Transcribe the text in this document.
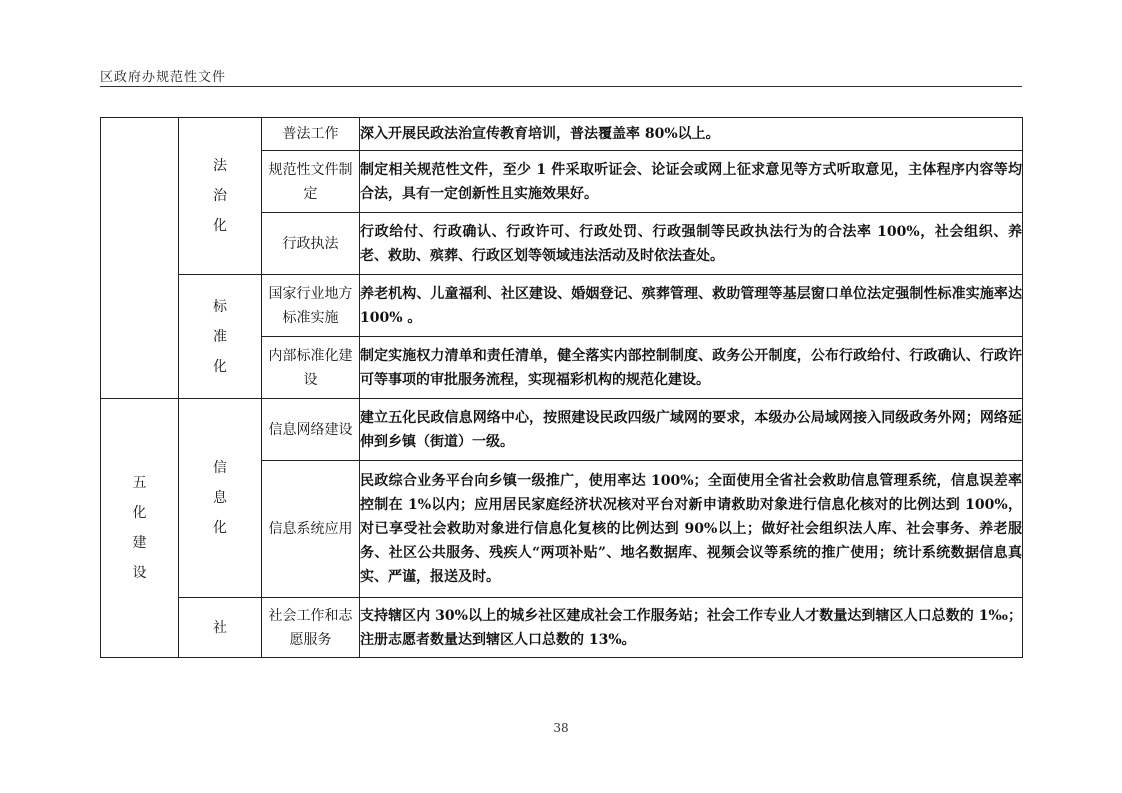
区政府办规范性文件
	法治化	普法工作	深入开展民政法治宣传教育培训，普法覆盖率 80%以上。
		规范性文件制定	制定相关规范性文件，至少 1 件采取听证会、论证会或网上征求意见等方式听取意见，主体程序内容等均合法，具有一定创新性且实施效果好。
		行政执法	行政给付、行政确认、行政许可、行政处罚、行政强制等民政执法行为的合法率 100%，社会组织、养老、救助、殡葬、行政区划等领域违法活动及时依法查处。
	标准化	国家行业地方标准实施	养老机构、儿童福利、社区建设、婚姻登记、殡葬管理、救助管理等基层窗口单位法定强制性标准实施率达 100% 。
		内部标准化建设	制定实施权力清单和责任清单，健全落实内部控制制度、政务公开制度，公布行政给付、行政确认、行政许可等事项的审批服务流程，实现福彩机构的规范化建设。
五化建设	信息化	信息网络建设	建立五化民政信息网络中心，按照建设民政四级广域网的要求，本级办公局域网接入同级政务外网；网络延伸到乡镇（街道）一级。
		信息系统应用	民政综合业务平台向乡镇一级推广，使用率达 100%；全面使用全省社会救助信息管理系统，信息误差率控制在 1%以内；应用居民家庭经济状况核对平台对新申请救助对象进行信息化核对的比例达到 100%，对已享受社会救助对象进行信息化复核的比例达到 90%以上；做好社会组织法人库、社会事务、养老服务、社区公共服务、残疾人“两项补贴”、地名数据库、视频会议等系统的推广使用；统计系统数据信息真实、严谨，报送及时。
	社	社会工作和志愿服务	支持辖区内 30%以上的城乡社区建成社会工作服务站；社会工作专业人才数量达到辖区人口总数的 1‰；注册志愿者数量达到辖区人口总数的 13%。
38
